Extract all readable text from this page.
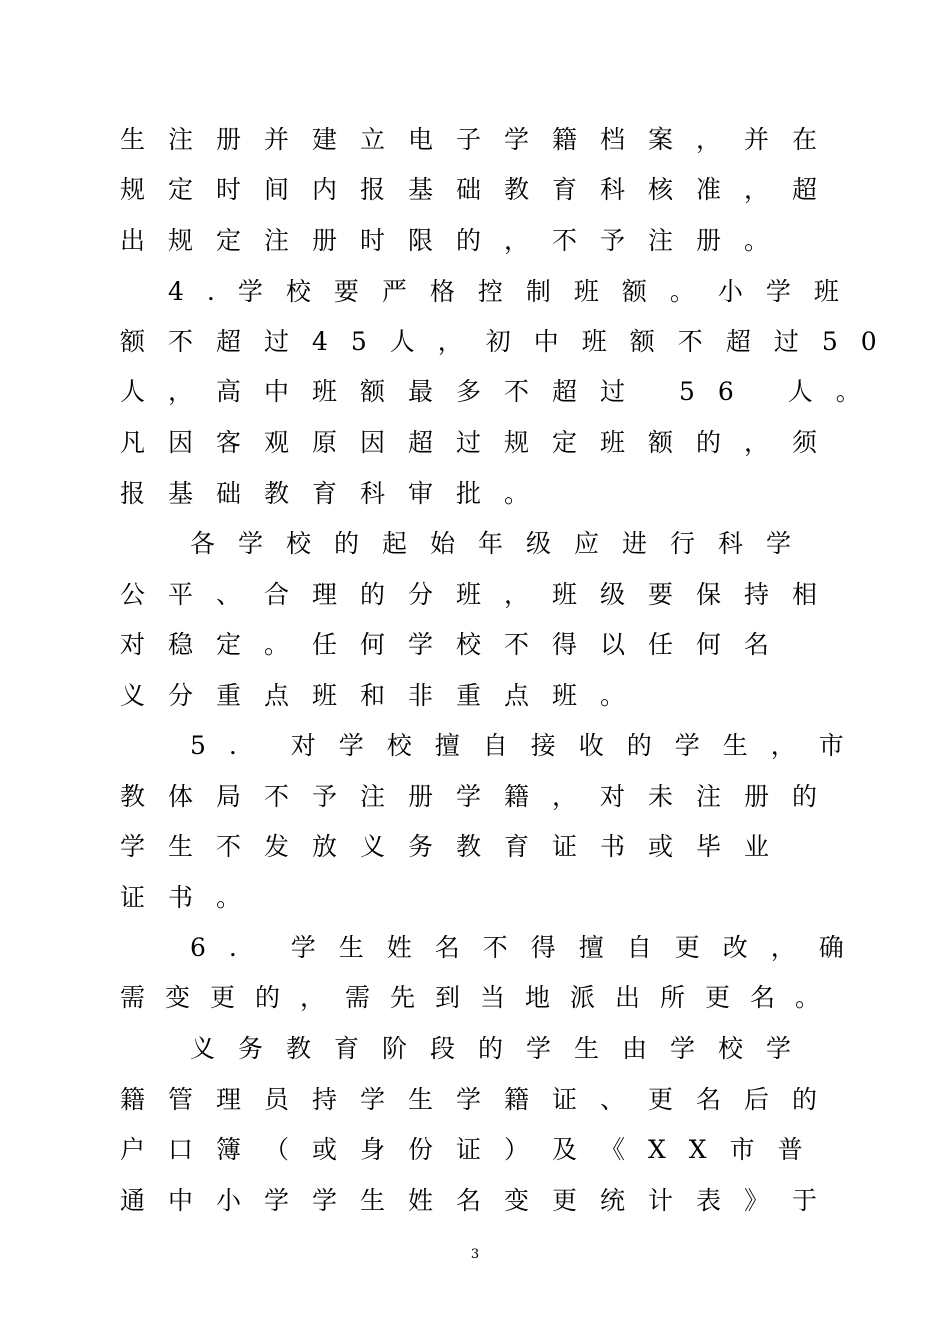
生注册并建立电子学籍档案，并在
规定时间内报基础教育科核准，超
出规定注册时限的，不予注册。
4.学校要严格控制班额。小学班
额不超过45人，初中班额不超过50
人，高中班额最多不超过 56 人。
凡因客观原因超过规定班额的，须
报基础教育科审批。
各学校的起始年级应进行科学
公平、合理的分班，班级要保持相
对稳定。任何学校不得以任何名
义分重点班和非重点班。
5. 对学校擅自接收的学生，市
教体局不予注册学籍，对未注册的
学生不发放义务教育证书或毕业
证书。
6. 学生姓名不得擅自更改，确
需变更的，需先到当地派出所更名。
义务教育阶段的学生由学校学
籍管理员持学生学籍证、更名后的
户口簿（或身份证）及《XX市普
通中小学学生姓名变更统计表》于
3
